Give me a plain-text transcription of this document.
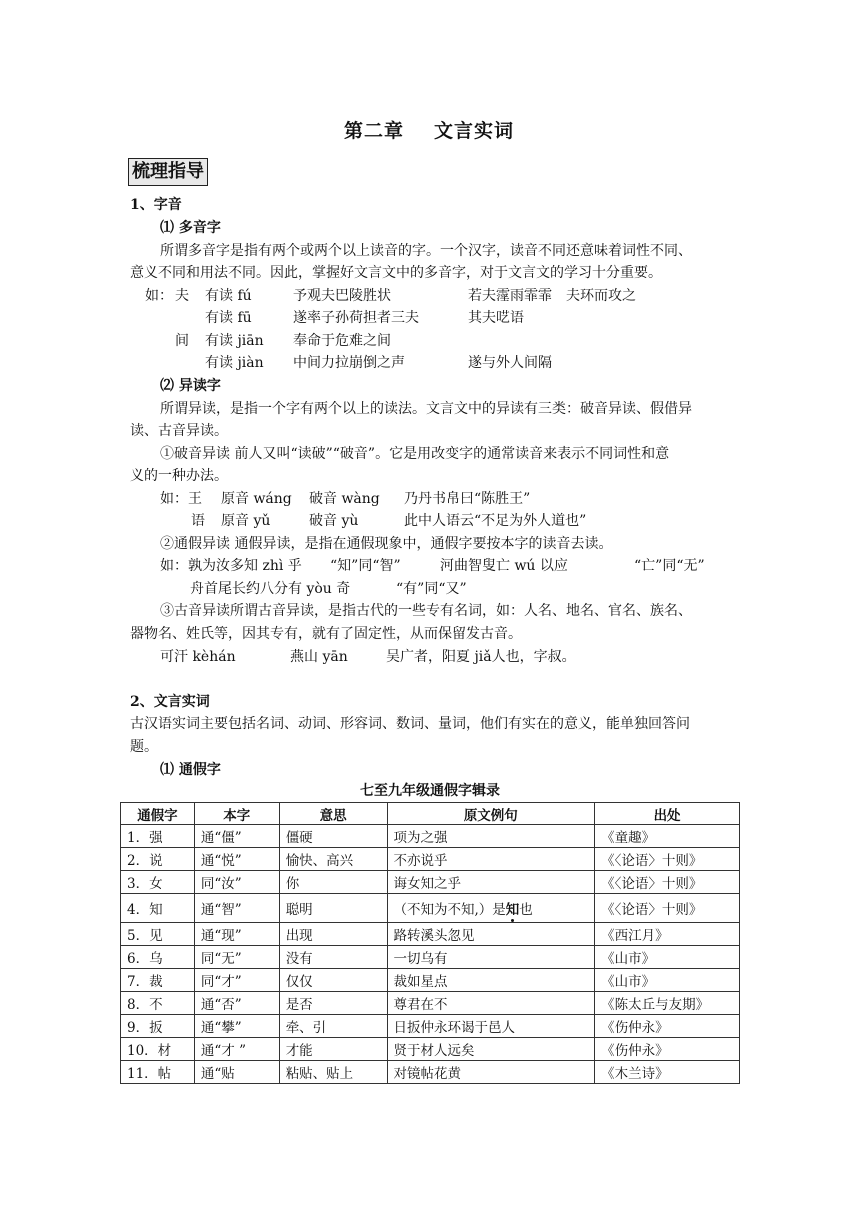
第二章 文言实词
梳理指导
1、字音
⑴ 多音字
所谓多音字是指有两个或两个以上读音的字。一个汉字，读音不同还意味着词性不同、
意义不同和用法不同。因此，掌握好文言文中的多音字，对于文言文的学习十分重要。
如： 夫 有读 fú	予观夫巴陵胜状	若夫霪雨霏霏　夫环而攻之
有读 fū	遂率子孙荷担者三夫	其夫呓语
间 有读 jiān 奉命于危难之间
有读 jiàn 中间力拉崩倒之声	遂与外人间隔
⑵ 异读字
所谓异读，是指一个字有两个以上的读法。文言文中的异读有三类：破音异读、假借异
读、古音异读。
①破音异读 前人又叫“读破”“破音”。它是用改变字的通常读音来表示不同词性和意
义的一种办法。
如：王 原音 wáng 破音 wàng 乃丹书帛曰“陈胜王”
语 原音 yǔ	破音 yù	此中人语云“不足为外人道也”
②通假异读 通假异读，是指在通假现象中，通假字要按本字的读音去读。
如：孰为汝多知 zhì 乎 “知”同“智”	河曲智叟亡 wú 以应	“亡”同“无”
舟首尾长约八分有 yòu 奇	“有”同“又”
③古音异读所谓古音异读，是指古代的一些专有名词，如：人名、地名、官名、族名、
器物名、姓氏等，因其专有，就有了固定性，从而保留发古音。
可汗 kèhán	燕山 yān	吴广者，阳夏 jiǎ人也，字叔。
2、文言实词
古汉语实词主要包括名词、动词、形容词、数词、量词，他们有实在的意义，能单独回答问
题。
⑴ 通假字
七至九年级通假字辑录
通假字	本字	意思	原文例句	出处
1．强	通“僵”	僵硬	项为之强	《童趣》
2．说	通“悦”	愉快、高兴	不亦说乎	《〈论语〉十则》
3．女	同“汝”	你	诲女知之乎	《〈论语〉十则》
4．知	通“智”	聪明	（不知为不知,）是知也	《〈论语〉十则》
5．见	通“现”	出现	路转溪头忽见	《西江月》
6．乌	同“无”	没有	一切乌有	《山市》
7．裁	同“才”	仅仅	裁如星点	《山市》
8．不	通“否”	是否	尊君在不	《陈太丘与友期》
9．扳	通“攀”	牵、引	日扳仲永环谒于邑人	《伤仲永》
10．材	通“才 ”	才能	贤于材人远矣	《伤仲永》
11．帖	通“贴	粘贴、贴上	对镜帖花黄	《木兰诗》
